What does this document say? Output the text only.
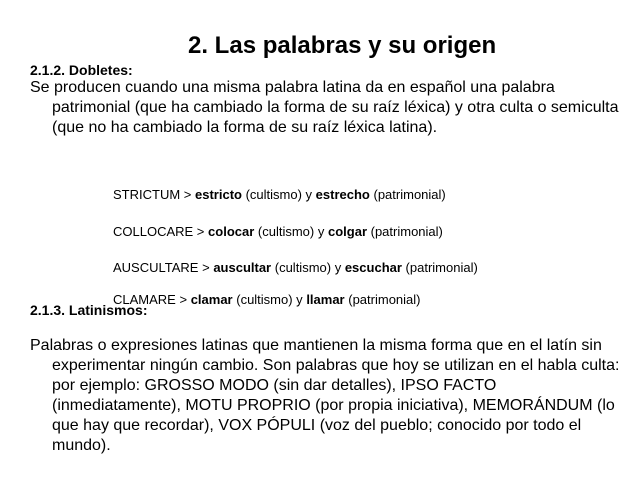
2. Las palabras y su origen
2.1.2. Dobletes:
Se producen cuando una misma palabra latina da en español una palabra patrimonial (que ha cambiado la forma de su raíz léxica) y otra culta o semiculta (que no ha cambiado la forma de su raíz léxica latina).
STRICTUM > estricto (cultismo) y estrecho (patrimonial)
COLLOCARE > colocar (cultismo) y colgar (patrimonial)
AUSCULTARE > auscultar (cultismo) y escuchar (patrimonial)
CLAMARE > clamar (cultismo) y llamar (patrimonial)
2.1.3. Latinismos:
Palabras o expresiones latinas que mantienen la misma forma que en el latín sin experimentar ningún cambio. Son palabras que hoy se utilizan en el habla culta: por ejemplo: GROSSO MODO (sin dar detalles), IPSO FACTO (inmediatamente), MOTU PROPRIO (por propia iniciativa), MEMORÁNDUM (lo que hay que recordar), VOX PÓPULI (voz del pueblo; conocido por todo el mundo).
